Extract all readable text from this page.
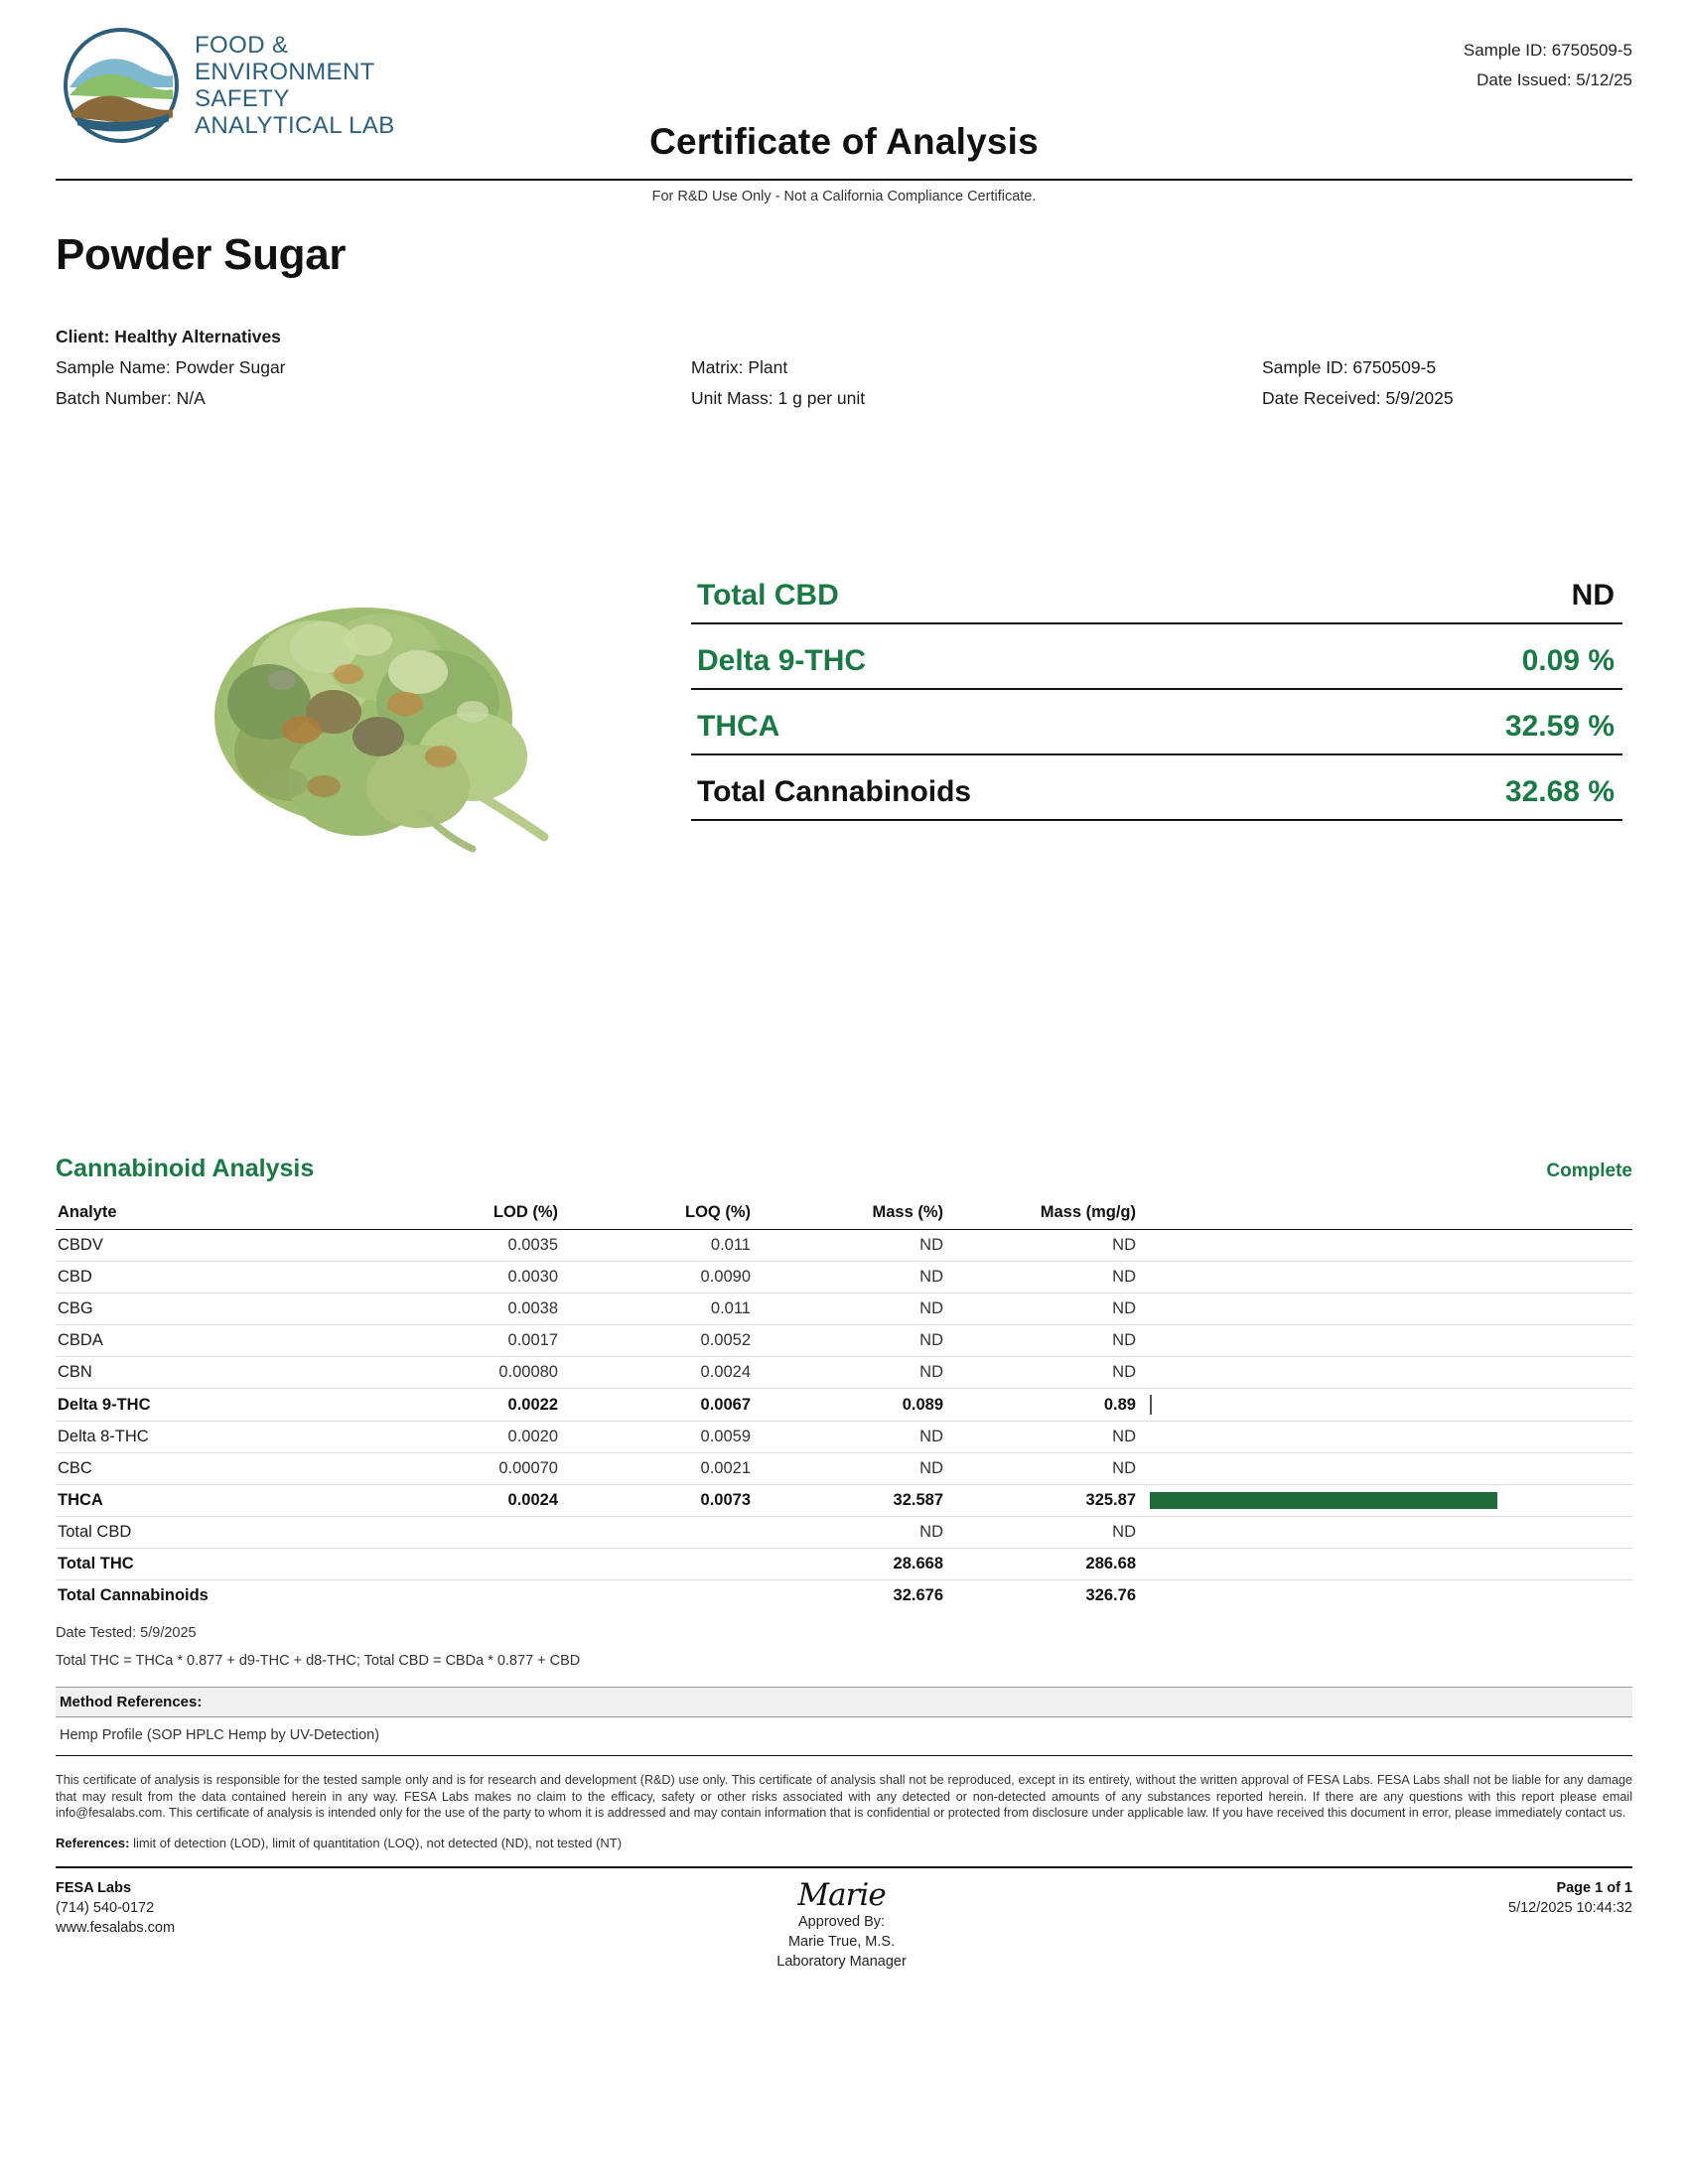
FOOD &
ENVIRONMENT
SAFETY
ANALYTICAL LAB
Sample ID: 6750509-5
Date Issued: 5/12/25
Certificate of Analysis
For R&D Use Only - Not a California Compliance Certificate.
Powder Sugar
Client: Healthy Alternatives
Sample Name: Powder Sugar
Batch Number: N/A
Matrix: Plant
Unit Mass: 1 g per unit
Sample ID: 6750509-5
Date Received: 5/9/2025
Total CBD	ND
Delta 9-THC	0.09 %
THCA	32.59 %
Total Cannabinoids	32.68 %
Cannabinoid Analysis	Complete
Analyte	LOD (%)	LOQ (%)	Mass (%)	Mass (mg/g)	
CBDV	0.0035	0.011	ND	ND	
CBD	0.0030	0.0090	ND	ND	
CBG	0.0038	0.011	ND	ND	
CBDA	0.0017	0.0052	ND	ND	
CBN	0.00080	0.0024	ND	ND	
Delta 9-THC	0.0022	0.0067	0.089	0.89	
Delta 8-THC	0.0020	0.0059	ND	ND	
CBC	0.00070	0.0021	ND	ND	
THCA	0.0024	0.0073	32.587	325.87	
Total CBD			ND	ND	
Total THC			28.668	286.68	
Total Cannabinoids			32.676	326.76	
Date Tested: 5/9/2025
Total THC = THCa * 0.877 + d9-THC + d8-THC; Total CBD = CBDa * 0.877 + CBD
Method References:
Hemp Profile (SOP HPLC Hemp by UV-Detection)
This certificate of analysis is responsible for the tested sample only and is for research and development (R&D) use only. This certificate of analysis shall not be reproduced, except in its entirety, without the written approval of FESA Labs. FESA Labs shall not be liable for any damage that may result from the data contained herein in any way. FESA Labs makes no claim to the efficacy, safety or other risks associated with any detected or non-detected amounts of any substances reported herein. If there are any questions with this report please email info@fesalabs.com. This certificate of analysis is intended only for the use of the party to whom it is addressed and may contain information that is confidential or protected from disclosure under applicable law. If you have received this document in error, please immediately contact us.
References: limit of detection (LOD), limit of quantitation (LOQ), not detected (ND), not tested (NT)
FESA Labs
(714) 540-0172
www.fesalabs.com
Marie
Approved By:
Marie True, M.S.
Laboratory Manager
Page 1 of 1
5/12/2025 10:44:32
